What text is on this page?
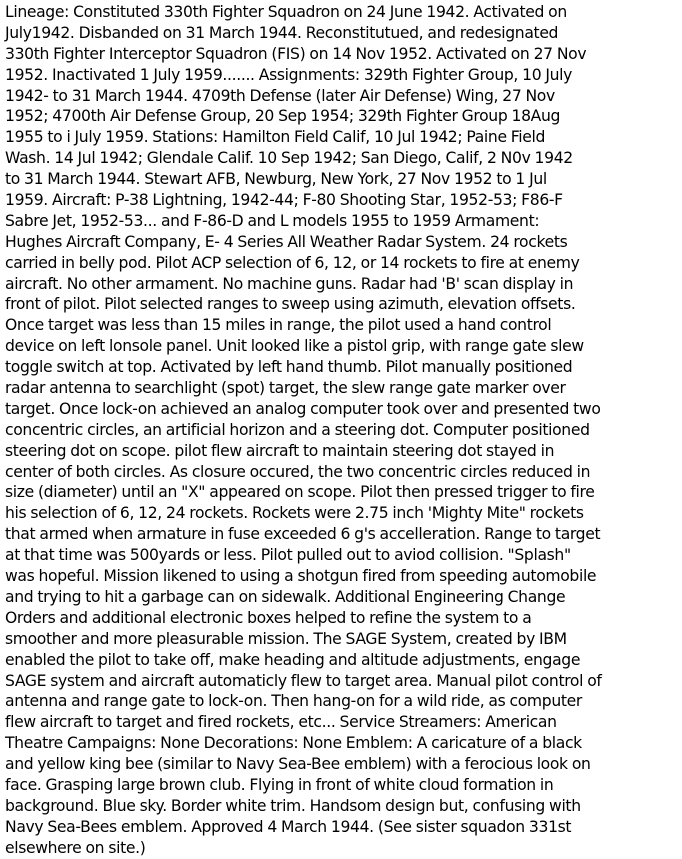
Lineage: Constituted 330th Fighter Squadron on 24 June 1942. Activated on
July1942. Disbanded on 31 March 1944. Reconstitutued, and redesignated
330th Fighter Interceptor Squadron (FIS) on 14 Nov 1952. Activated on 27 Nov
1952. Inactivated 1 July 1959....... Assignments: 329th Fighter Group, 10 July
1942- to 31 March 1944. 4709th Defense (later Air Defense) Wing, 27 Nov
1952; 4700th Air Defense Group, 20 Sep 1954; 329th Fighter Group 18Aug
1955 to i July 1959. Stations: Hamilton Field Calif, 10 Jul 1942; Paine Field
Wash. 14 Jul 1942; Glendale Calif. 10 Sep 1942; San Diego, Calif, 2 N0v 1942
to 31 March 1944. Stewart AFB, Newburg, New York, 27 Nov 1952 to 1 Jul
1959. Aircraft: P-38 Lightning, 1942-44; F-80 Shooting Star, 1952-53; F86-F
Sabre Jet, 1952-53... and F-86-D and L models 1955 to 1959 Armament:
Hughes Aircraft Company, E- 4 Series All Weather Radar System. 24 rockets
carried in belly pod. Pilot ACP selection of 6, 12, or 14 rockets to fire at enemy
aircraft. No other armament. No machine guns. Radar had 'B' scan display in
front of pilot. Pilot selected ranges to sweep using azimuth, elevation offsets.
Once target was less than 15 miles in range, the pilot used a hand control
device on left lonsole panel. Unit looked like a pistol grip, with range gate slew
toggle switch at top. Activated by left hand thumb. Pilot manually positioned
radar antenna to searchlight (spot) target, the slew range gate marker over
target. Once lock-on achieved an analog computer took over and presented two
concentric circles, an artificial horizon and a steering dot. Computer positioned
steering dot on scope. pilot flew aircraft to maintain steering dot stayed in
center of both circles. As closure occured, the two concentric circles reduced in
size (diameter) until an "X" appeared on scope. Pilot then pressed trigger to fire
his selection of 6, 12, 24 rockets. Rockets were 2.75 inch 'Mighty Mite" rockets
that armed when armature in fuse exceeded 6 g's accelleration. Range to target
at that time was 500yards or less. Pilot pulled out to aviod collision. "Splash"
was hopeful. Mission likened to using a shotgun fired from speeding automobile
and trying to hit a garbage can on sidewalk. Additional Engineering Change
Orders and additional electronic boxes helped to refine the system to a
smoother and more pleasurable mission. The SAGE System, created by IBM
enabled the pilot to take off, make heading and altitude adjustments, engage
SAGE system and aircraft automaticly flew to target area. Manual pilot control of
antenna and range gate to lock-on. Then hang-on for a wild ride, as computer
flew aircraft to target and fired rockets, etc... Service Streamers: American
Theatre Campaigns: None Decorations: None Emblem: A caricature of a black
and yellow king bee (similar to Navy Sea-Bee emblem) with a ferocious look on
face. Grasping large brown club. Flying in front of white cloud formation in
background. Blue sky. Border white trim. Handsom design but, confusing with
Navy Sea-Bees emblem. Approved 4 March 1944. (See sister squadon 331st
elsewhere on site.)
